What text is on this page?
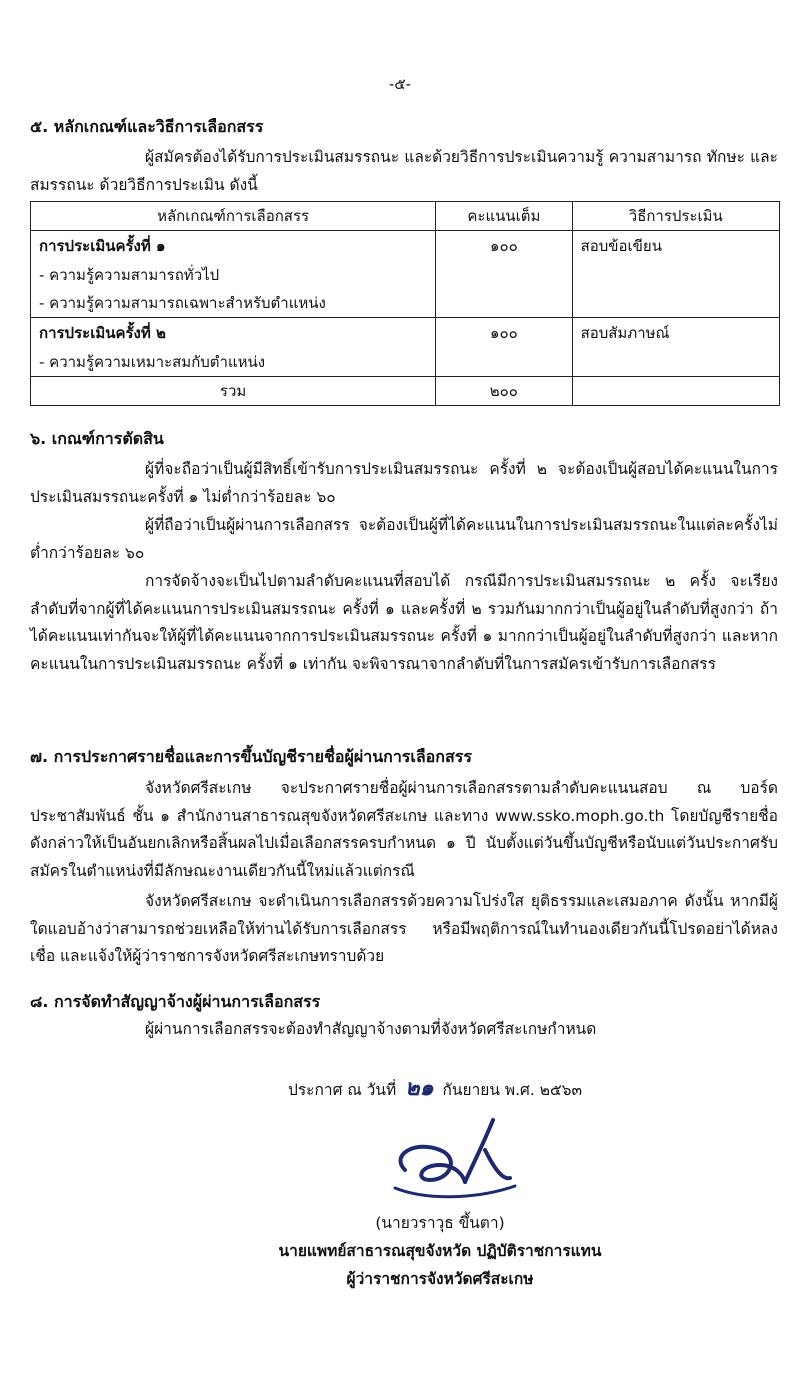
-๕-
๕. หลักเกณฑ์และวิธีการเลือกสรร
ผู้สมัครต้องได้รับการประเมินสมรรถนะ และด้วยวิธีการประเมินความรู้ ความสามารถ ทักษะ และสมรรถนะ ด้วยวิธีการประเมิน ดังนี้
หลักเกณฑ์การเลือกสรร	คะแนนเต็ม	วิธีการประเมิน

การประเมินครั้งที่ ๑
- ความรู้ความสามารถทั่วไป
- ความรู้ความสามารถเฉพาะสำหรับตำแหน่ง	๑๐๐	สอบข้อเขียน

การประเมินครั้งที่ ๒
- ความรู้ความเหมาะสมกับตำแหน่ง	๑๐๐	สอบสัมภาษณ์

รวม	๒๐๐	
๖. เกณฑ์การตัดสิน
ผู้ที่จะถือว่าเป็นผู้มีสิทธิ์เข้ารับการประเมินสมรรถนะ ครั้งที่ ๒ จะต้องเป็นผู้สอบได้คะแนนในการประเมินสมรรถนะครั้งที่ ๑ ไม่ต่ำกว่าร้อยละ ๖๐
ผู้ที่ถือว่าเป็นผู้ผ่านการเลือกสรร จะต้องเป็นผู้ที่ได้คะแนนในการประเมินสมรรถนะในแต่ละครั้งไม่ต่ำกว่าร้อยละ ๖๐
การจัดจ้างจะเป็นไปตามลำดับคะแนนที่สอบได้ กรณีมีการประเมินสมรรถนะ ๒ ครั้ง จะเรียงลำดับที่จากผู้ที่ได้คะแนนการประเมินสมรรถนะ ครั้งที่ ๑ และครั้งที่ ๒ รวมกันมากกว่าเป็นผู้อยู่ในลำดับที่สูงกว่า ถ้าได้คะแนนเท่ากันจะให้ผู้ที่ได้คะแนนจากการประเมินสมรรถนะ ครั้งที่ ๑ มากกว่าเป็นผู้อยู่ในลำดับที่สูงกว่า และหากคะแนนในการประเมินสมรรถนะ ครั้งที่ ๑ เท่ากัน จะพิจารณาจากลำดับที่ในการสมัครเข้ารับการเลือกสรร
๗. การประกาศรายชื่อและการขึ้นบัญชีรายชื่อผู้ผ่านการเลือกสรร
จังหวัดศรีสะเกษ จะประกาศรายชื่อผู้ผ่านการเลือกสรรตามลำดับคะแนนสอบ ณ บอร์ดประชาสัมพันธ์ ชั้น ๑ สำนักงานสาธารณสุขจังหวัดศรีสะเกษ และทาง www.ssko.moph.go.th โดยบัญชีรายชื่อดังกล่าวให้เป็นอันยกเลิกหรือสิ้นผลไปเมื่อเลือกสรรครบกำหนด ๑ ปี นับตั้งแต่วันขึ้นบัญชีหรือนับแต่วันประกาศรับสมัครในตำแหน่งที่มีลักษณะงานเดียวกันนี้ใหม่แล้วแต่กรณี
จังหวัดศรีสะเกษ จะดำเนินการเลือกสรรด้วยความโปร่งใส ยุติธรรมและเสมอภาค ดังนั้น หากมีผู้ใดแอบอ้างว่าสามารถช่วยเหลือให้ท่านได้รับการเลือกสรร หรือมีพฤติการณ์ในทำนองเดียวกันนี้โปรดอย่าได้หลงเชื่อ และแจ้งให้ผู้ว่าราชการจังหวัดศรีสะเกษทราบด้วย
๘. การจัดทำสัญญาจ้างผู้ผ่านการเลือกสรร
ผู้ผ่านการเลือกสรรจะต้องทำสัญญาจ้างตามที่จังหวัดศรีสะเกษกำหนด
ประกาศ ณ วันที่ ๒๑ กันยายน พ.ศ. ๒๕๖๓
(นายวราวุธ ขึ้นตา)
นายแพทย์สาธารณสุขจังหวัด ปฏิบัติราชการแทน
ผู้ว่าราชการจังหวัดศรีสะเกษ
